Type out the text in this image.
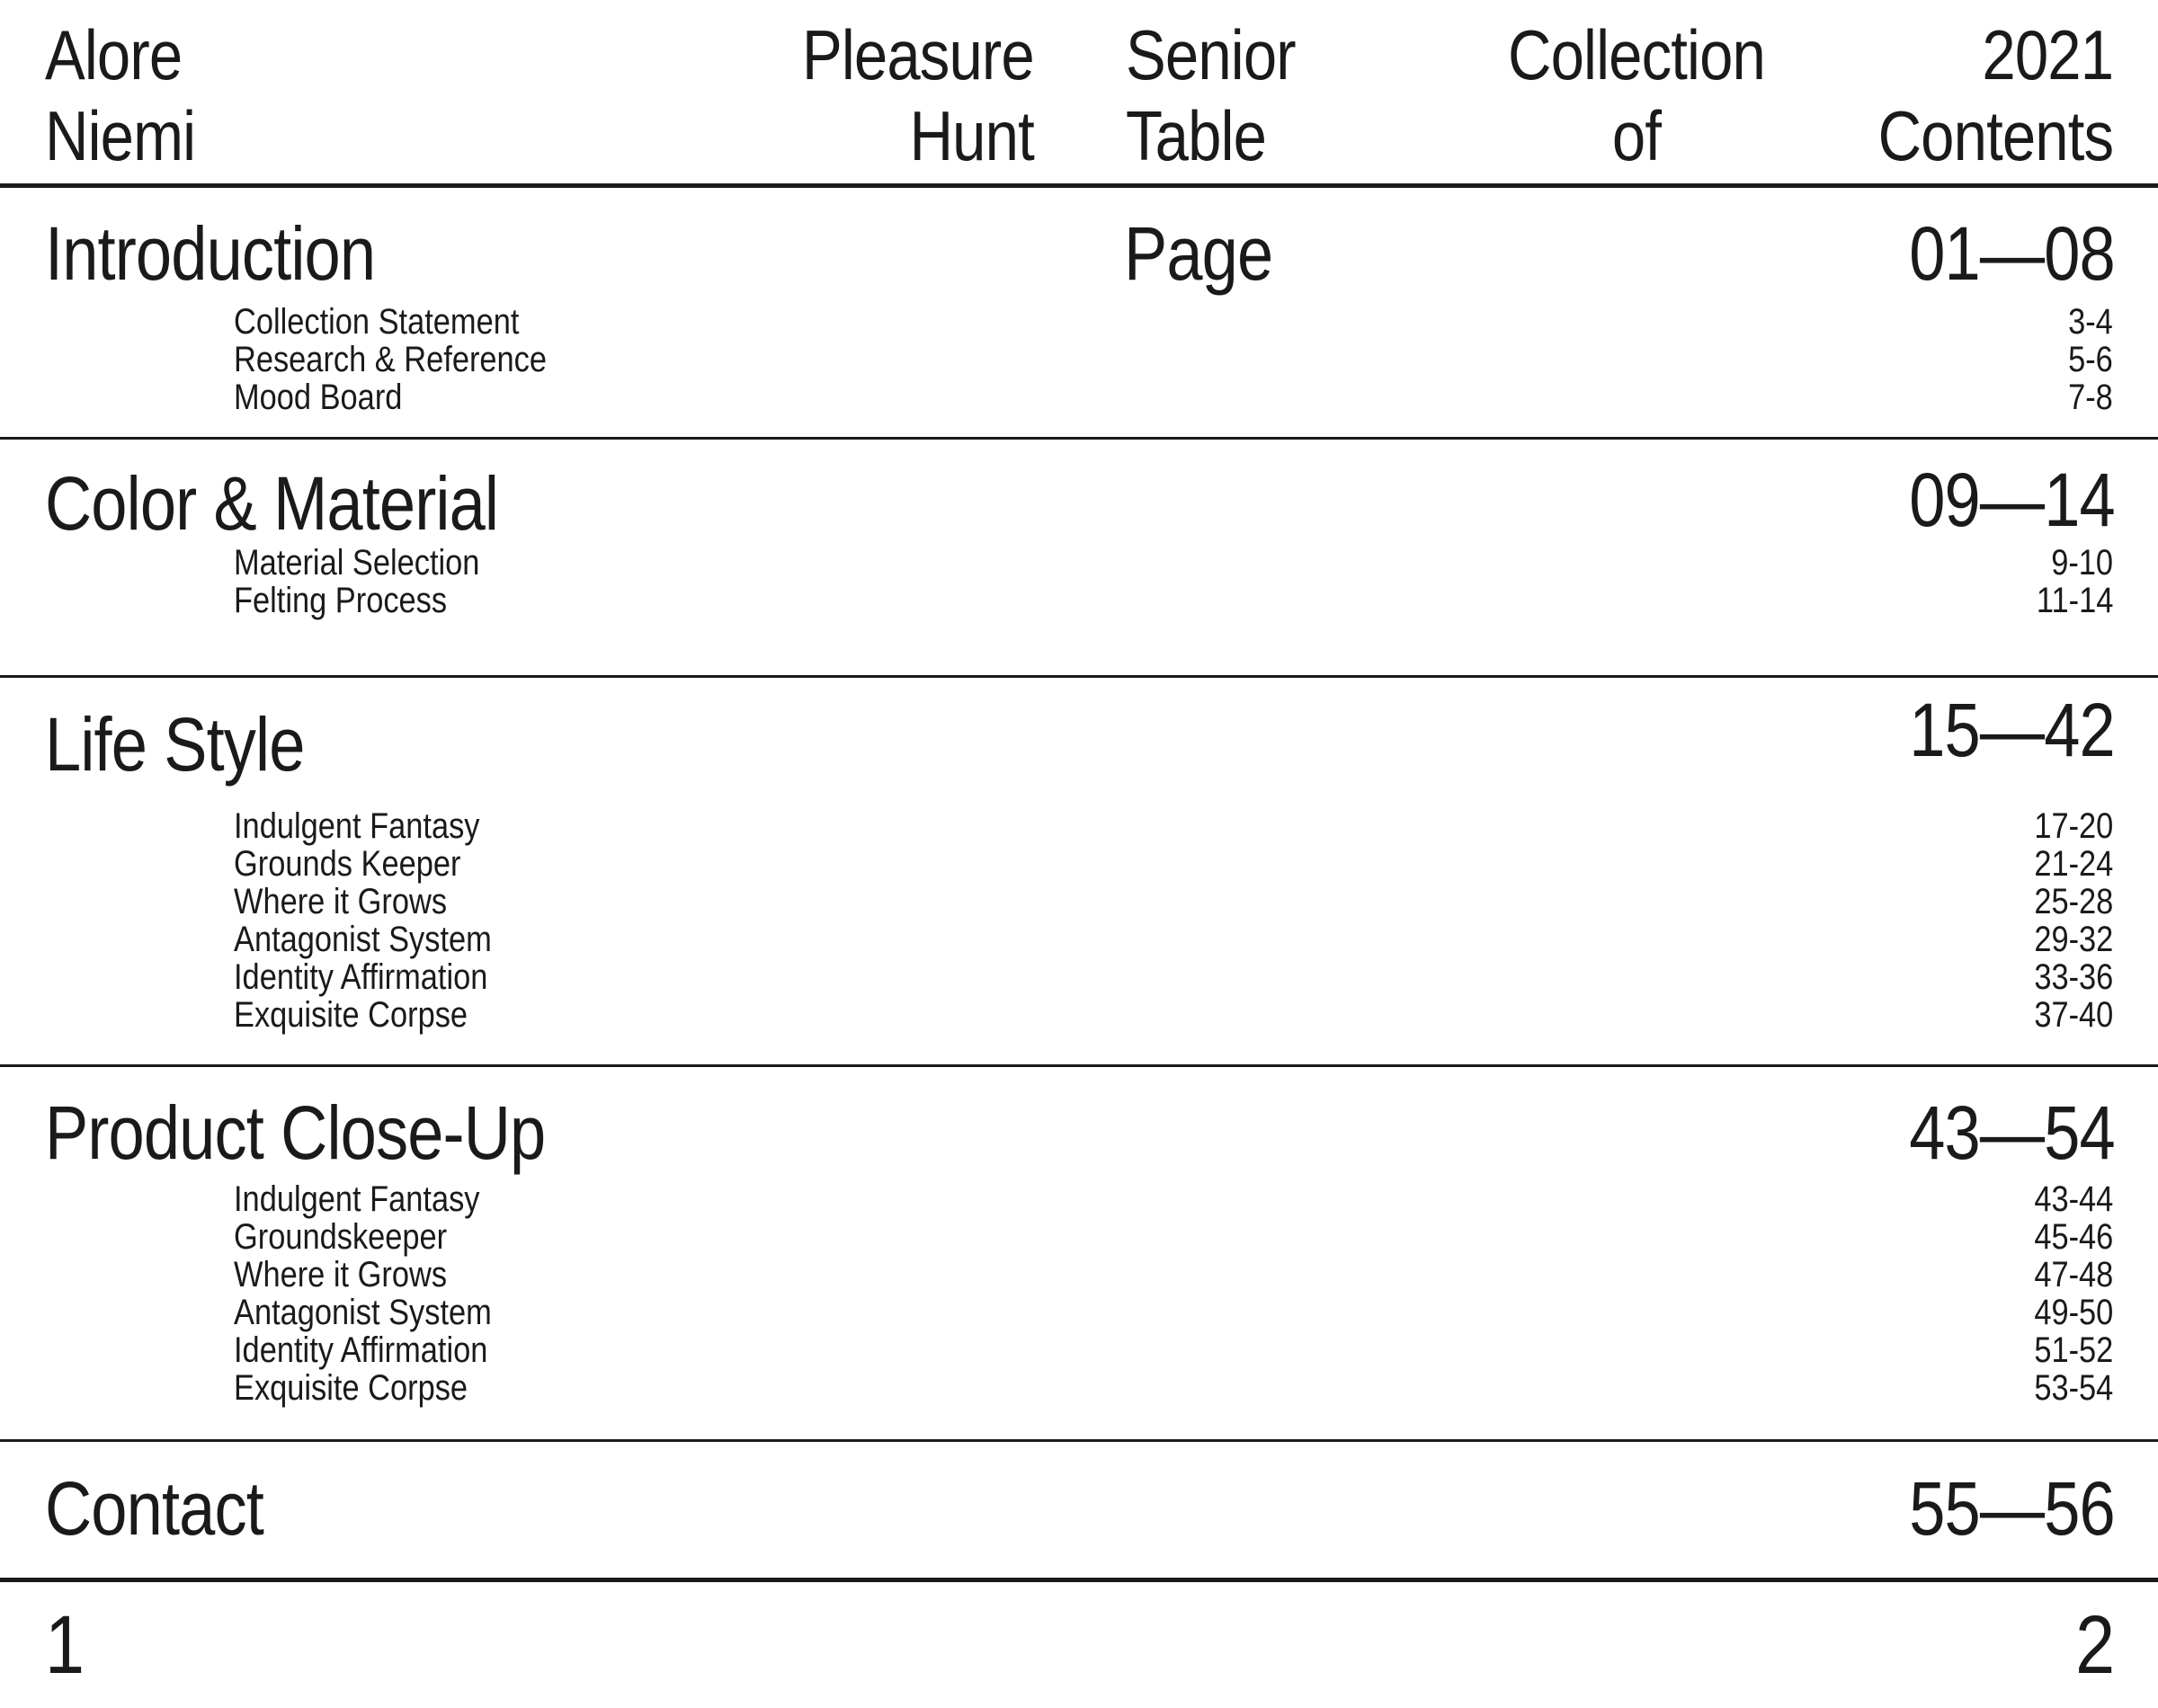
Alore
Niemi
Pleasure
Hunt
Senior
Table
Collection
of
2021
Contents
Page
Introduction	01—08
Collection Statement	3-4
Research & Reference	5-6
Mood Board	7-8
Color & Material	09—14
Material Selection	9-10
Felting Process	11-14
Life Style	15—42
Indulgent Fantasy	17-20
Grounds Keeper	21-24
Where it Grows	25-28
Antagonist System	29-32
Identity Affirmation	33-36
Exquisite Corpse	37-40
Product Close-Up	43—54
Indulgent Fantasy	43-44
Groundskeeper	45-46
Where it Grows	47-48
Antagonist System	49-50
Identity Affirmation	51-52
Exquisite Corpse	53-54
Contact	55—56
1	2
